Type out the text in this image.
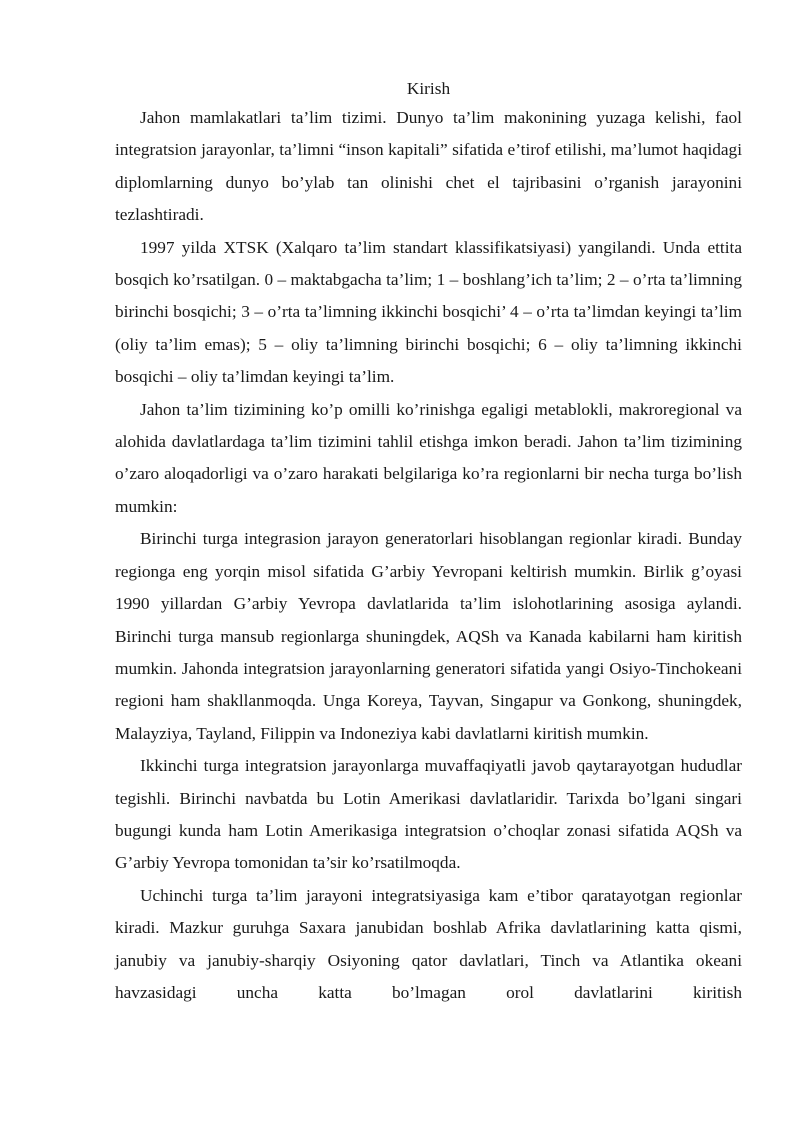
Kirish

Jahon mamlakatlari ta’lim tizimi. Dunyo ta’lim makonining yuzaga kelishi, faol integratsion jarayonlar, ta’limni “inson kapitali” sifatida e’tirof etilishi, ma’lumot haqidagi diplomlarning dunyo bo’ylab tan olinishi chet el tajribasini o’rganish jarayonini tezlashtiradi.

1997 yilda XTSK (Xalqaro ta’lim standart klassifikatsiyasi) yangilandi. Unda ettita bosqich ko’rsatilgan. 0 – maktabgacha ta’lim; 1 – boshlang’ich ta’lim; 2 – o’rta ta’limning birinchi bosqichi; 3 – o’rta ta’limning ikkinchi bosqichi’ 4 – o’rta ta’limdan keyingi ta’lim (oliy ta’lim emas); 5 – oliy ta’limning birinchi bosqichi; 6 – oliy ta’limning ikkinchi bosqichi – oliy ta’limdan keyingi ta’lim.

Jahon ta’lim tizimining ko’p omilli ko’rinishga egaligi metablokli, makroregional va alohida davlatlardaga ta’lim tizimini tahlil etishga imkon beradi. Jahon ta’lim tizimining o’zaro aloqadorligi va o’zaro harakati belgilariga ko’ra regionlarni bir necha turga bo’lish mumkin:

Birinchi turga integrasion jarayon generatorlari hisoblangan regionlar kiradi. Bunday regionga eng yorqin misol sifatida G’arbiy Yevropani keltirish mumkin. Birlik g’oyasi 1990 yillardan G’arbiy Yevropa davlatlarida ta’lim islohotlarining asosiga aylandi. Birinchi turga mansub regionlarga shuningdek, AQSh va Kanada kabilarni ham kiritish mumkin. Jahonda integratsion jarayonlarning generatori sifatida yangi Osiyo-Tinchokeani regioni ham shakllanmoqda. Unga Koreya, Tayvan, Singapur va Gonkong, shuningdek, Malayziya, Tayland, Filippin va Indoneziya kabi davlatlarni kiritish mumkin.

Ikkinchi turga integratsion jarayonlarga muvaffaqiyatli javob qaytarayotgan hududlar tegishli. Birinchi navbatda bu Lotin Amerikasi davlatlaridir. Tarixda bo’lgani singari bugungi kunda ham Lotin Amerikasiga integratsion o’choqlar zonasi sifatida AQSh va G’arbiy Yevropa tomonidan ta’sir ko’rsatilmoqda.

Uchinchi turga ta’lim jarayoni integratsiyasiga kam e’tibor qaratayotgan regionlar kiradi. Mazkur guruhga Saxara janubidan boshlab Afrika davlatlarining katta qismi, janubiy va janubiy-sharqiy Osiyoning qator davlatlari, Tinch va Atlantika okeani havzasidagi uncha katta bo’lmagan orol davlatlarini kiritish
